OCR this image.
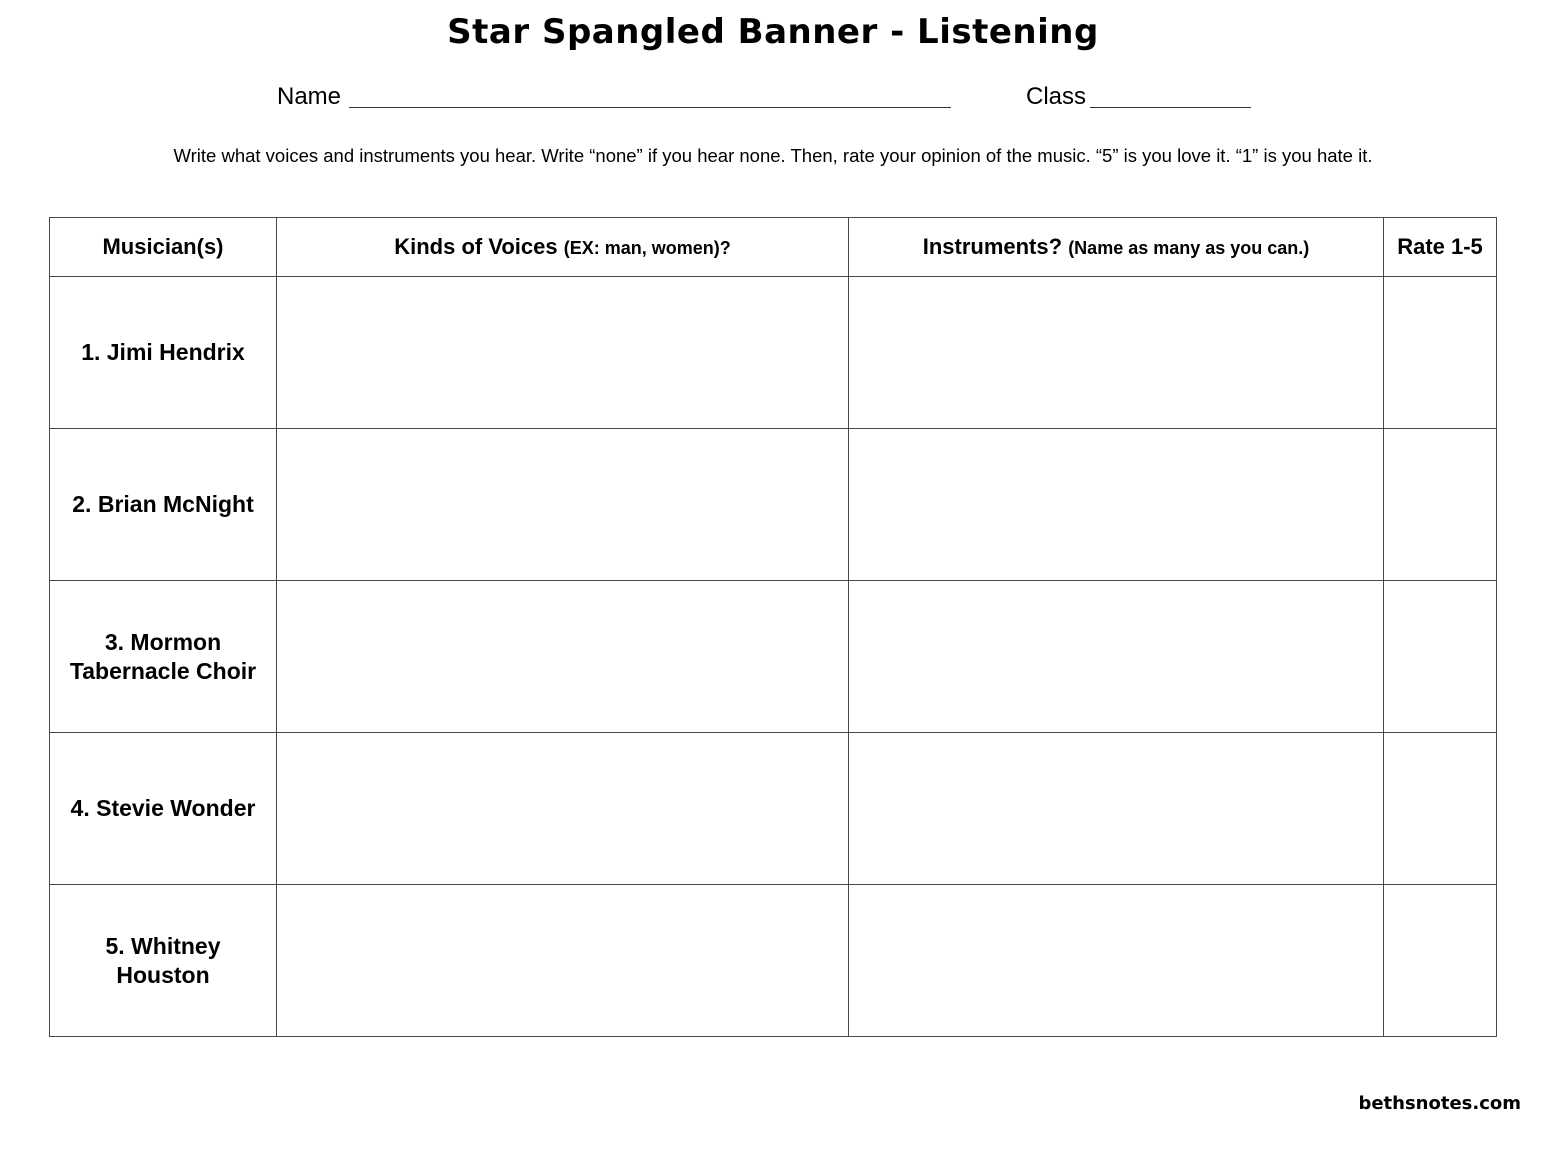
Star Spangled Banner - Listening
Name	Class
Write what voices and instruments you hear. Write “none” if you hear none. Then, rate your opinion of the music. “5” is you love it. “1” is you hate it.
Musician(s)	Kinds of Voices (EX: man, women)?	Instruments? (Name as many as you can.)	Rate 1-5

1. Jimi Hendrix			

2. Brian McNight			

3. Mormon
Tabernacle Choir			

4. Stevie Wonder			

5. Whitney
Houston			

bethsnotes.com
